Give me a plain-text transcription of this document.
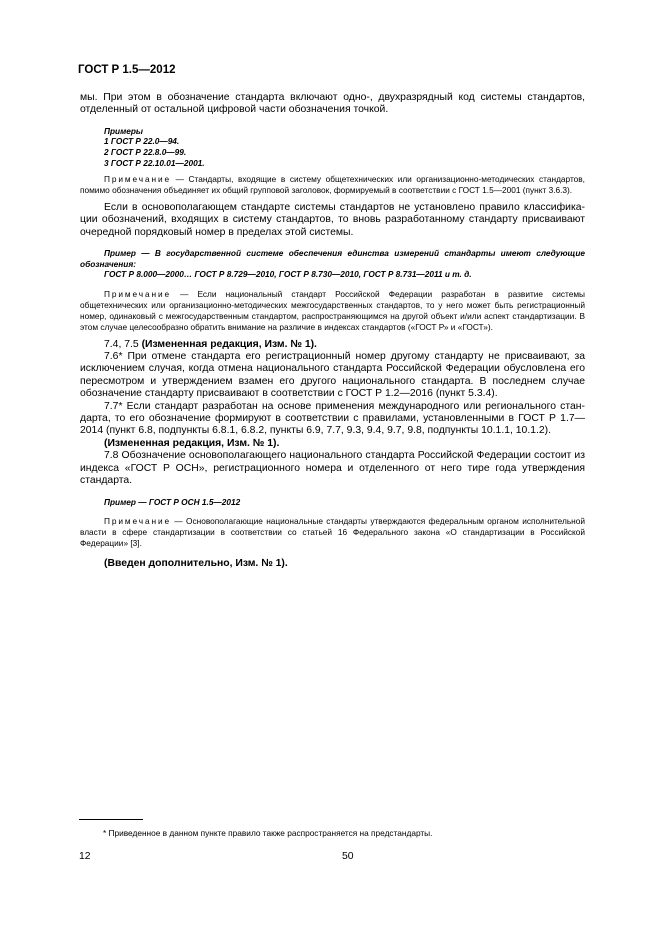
ГОСТ Р 1.5—2012

мы. При этом в обозначение стандарта включают одно-, двухразрядный код системы стандартов, отделенный от остальной цифровой части обозначения точкой.

Примеры
1 ГОСТ Р 22.0—94.
2 ГОСТ Р 22.8.0—99.
3 ГОСТ Р 22.10.01—2001.

Примечание — Стандарты, входящие в систему общетехнических или организационно-методических стандартов, помимо обозначения объединяет их общий групповой заголовок, формируемый в соответствии с ГОСТ 1.5—2001 (пункт 3.6.3).

Если в основополагающем стандарте системы стандартов не установлено правило классификации обозначений, входящих в систему стандартов, то вновь разработанному стандарту присваивают очередной порядковый номер в пределах этой системы.

Пример — В государственной системе обеспечения единства измерений стандарты имеют следующие обозначения:

ГОСТ Р 8.000—2000… ГОСТ Р 8.729—2010, ГОСТ Р 8.730—2010, ГОСТ Р 8.731—2011 и т. д.

Примечание — Если национальный стандарт Российской Федерации разработан в развитие системы общетехнических или организационно-методических межгосударственных стандартов, то у него может быть регистрационный номер, одинаковый с межгосударственным стандартом, распространяющимся на другой объект и/или аспект стандартизации. В этом случае целесообразно обратить внимание на различие в индексах стандартов («ГОСТ Р» и «ГОСТ»).

7.4, 7.5 (Измененная редакция, Изм. № 1).

7.6* При отмене стандарта его регистрационный номер другому стандарту не присваивают, за исключением случая, когда отмена национального стандарта Российской Федерации обусловлена его пересмотром и утверждением взамен его другого национального стандарта. В последнем случае обозначение стандарту присваивают в соответствии с ГОСТ Р 1.2—2016 (пункт 5.3.4).

7.7* Если стандарт разработан на основе применения международного или регионального стандарта, то его обозначение формируют в соответствии с правилами, установленными в ГОСТ Р 1.7—2014 (пункт 6.8, подпункты 6.8.1, 6.8.2, пункты 6.9, 7.7, 9.3, 9.4, 9.7, 9.8, подпункты 10.1.1, 10.1.2).

(Измененная редакция, Изм. № 1).

7.8 Обозначение основополагающего национального стандарта Российской Федерации состоит из индекса «ГОСТ Р ОСН», регистрационного номера и отделенного от него тире года утверждения стандарта.

Пример — ГОСТ Р ОСН 1.5—2012

Примечание — Основополагающие национальные стандарты утверждаются федеральным органом исполнительной власти в сфере стандартизации в соответствии со статьей 16 Федерального закона «О стандартизации в Российской Федерации» [3].

(Введен дополнительно, Изм. № 1).

* Приведенное в данном пункте правило также распространяется на предстандарты.
12	50
